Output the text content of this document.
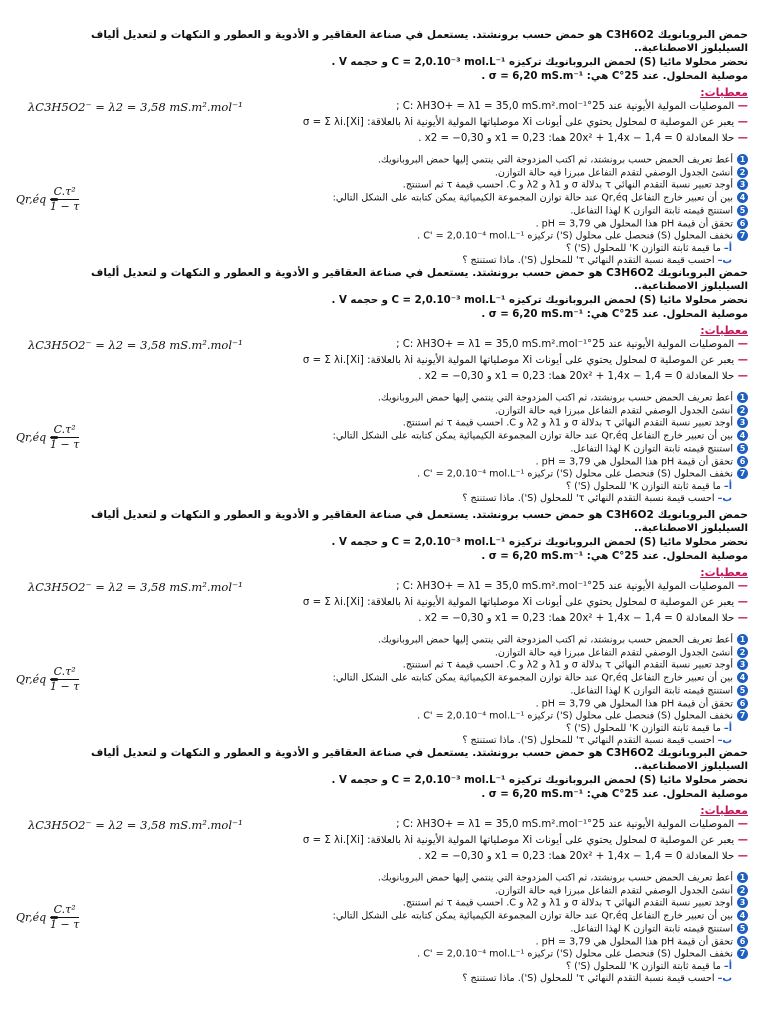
حمض البروبانويك C3H6O2 هو حمض حسب برونشتد. يستعمل في صناعة العقاقير و الأدوية و العطور و النكهات و لتعديل ألياف
السيليلوز الاصطناعية..
نحضر محلولا مائيا (S) لحمض البروبانويك تركيزه C = 2,0.10⁻³ mol.L⁻¹ و حجمه V .
موصلية المحلول. عند 25°C هي: σ = 6,20 mS.m⁻¹ .
معطيات:
— الموصليات المولية الأيونية عند 25°C: λH3O+ = λ1 = 35,0 mS.m².mol⁻¹ ;
λC3H5O2⁻ = λ2 = 3,58 mS.m².mol⁻¹
— يعبر عن الموصلية σ لمحلول يحتوي على أيونات Xi موصلياتها المولية الأيونية λi بالعلاقة: σ = Σ λi.[Xi]
— حلا المعادلة 20x² + 1,4x − 1,4 = 0 هما: x1 = 0,23 و x2 = −0,30 .
1أعط تعريف الحمض حسب برونشتد، ثم اكتب المزدوجة التي ينتمي إليها حمض البروبانويك.
2أنشئ الجدول الوصفي لتقدم التفاعل مبرزا فيه حالة التوازن.
3أوجد تعبير نسبة التقدم النهائي τ بدلالة σ و λ1 و λ2 و C. احسب قيمة τ ثم استنتج.
4بين أن تعبير خارج التفاعل Qr,éq عند حالة توازن المجموعة الكيميائية يمكن كتابته على الشكل التالي:
Qr,éq =
C.τ²
1 − τ	5استنتج قيمته ثابتة التوازن K لهذا التفاعل.
6تحقق أن قيمة pH هذا المحلول هي pH = 3,79 .
7نخفف المحلول (S) فنحصل على محلول (S') تركيزه C' = 2,0.10⁻⁴ mol.L⁻¹ .
أ– ما قيمة ثابتة التوازن K' للمحلول (S') ؟
ب– احسب قيمة نسبة التقدم النهائي τ' للمحلول (S'). ماذا تستنتج ؟
حمض البروبانويك C3H6O2 هو حمض حسب برونشتد. يستعمل في صناعة العقاقير و الأدوية و العطور و النكهات و لتعديل ألياف
السيليلوز الاصطناعية..
نحضر محلولا مائيا (S) لحمض البروبانويك تركيزه C = 2,0.10⁻³ mol.L⁻¹ و حجمه V .
موصلية المحلول. عند 25°C هي: σ = 6,20 mS.m⁻¹ .
معطيات:
— الموصليات المولية الأيونية عند 25°C: λH3O+ = λ1 = 35,0 mS.m².mol⁻¹ ;
λC3H5O2⁻ = λ2 = 3,58 mS.m².mol⁻¹
— يعبر عن الموصلية σ لمحلول يحتوي على أيونات Xi موصلياتها المولية الأيونية λi بالعلاقة: σ = Σ λi.[Xi]
— حلا المعادلة 20x² + 1,4x − 1,4 = 0 هما: x1 = 0,23 و x2 = −0,30 .
1أعط تعريف الحمض حسب برونشتد، ثم اكتب المزدوجة التي ينتمي إليها حمض البروبانويك.
2أنشئ الجدول الوصفي لتقدم التفاعل مبرزا فيه حالة التوازن.
3أوجد تعبير نسبة التقدم النهائي τ بدلالة σ و λ1 و λ2 و C. احسب قيمة τ ثم استنتج.
4بين أن تعبير خارج التفاعل Qr,éq عند حالة توازن المجموعة الكيميائية يمكن كتابته على الشكل التالي:
Qr,éq =
C.τ²
1 − τ	5استنتج قيمته ثابتة التوازن K لهذا التفاعل.
6تحقق أن قيمة pH هذا المحلول هي pH = 3,79 .
7نخفف المحلول (S) فنحصل على محلول (S') تركيزه C' = 2,0.10⁻⁴ mol.L⁻¹ .
أ– ما قيمة ثابتة التوازن K' للمحلول (S') ؟
ب– احسب قيمة نسبة التقدم النهائي τ' للمحلول (S'). ماذا تستنتج ؟
حمض البروبانويك C3H6O2 هو حمض حسب برونشتد. يستعمل في صناعة العقاقير و الأدوية و العطور و النكهات و لتعديل ألياف
السيليلوز الاصطناعية..
نحضر محلولا مائيا (S) لحمض البروبانويك تركيزه C = 2,0.10⁻³ mol.L⁻¹ و حجمه V .
موصلية المحلول. عند 25°C هي: σ = 6,20 mS.m⁻¹ .
معطيات:
— الموصليات المولية الأيونية عند 25°C: λH3O+ = λ1 = 35,0 mS.m².mol⁻¹ ;
λC3H5O2⁻ = λ2 = 3,58 mS.m².mol⁻¹
— يعبر عن الموصلية σ لمحلول يحتوي على أيونات Xi موصلياتها المولية الأيونية λi بالعلاقة: σ = Σ λi.[Xi]
— حلا المعادلة 20x² + 1,4x − 1,4 = 0 هما: x1 = 0,23 و x2 = −0,30 .
1أعط تعريف الحمض حسب برونشتد، ثم اكتب المزدوجة التي ينتمي إليها حمض البروبانويك.
2أنشئ الجدول الوصفي لتقدم التفاعل مبرزا فيه حالة التوازن.
3أوجد تعبير نسبة التقدم النهائي τ بدلالة σ و λ1 و λ2 و C. احسب قيمة τ ثم استنتج.
4بين أن تعبير خارج التفاعل Qr,éq عند حالة توازن المجموعة الكيميائية يمكن كتابته على الشكل التالي:
Qr,éq =
C.τ²
1 − τ	5استنتج قيمته ثابتة التوازن K لهذا التفاعل.
6تحقق أن قيمة pH هذا المحلول هي pH = 3,79 .
7نخفف المحلول (S) فنحصل على محلول (S') تركيزه C' = 2,0.10⁻⁴ mol.L⁻¹ .
أ– ما قيمة ثابتة التوازن K' للمحلول (S') ؟
ب– احسب قيمة نسبة التقدم النهائي τ' للمحلول (S'). ماذا تستنتج ؟
حمض البروبانويك C3H6O2 هو حمض حسب برونشتد. يستعمل في صناعة العقاقير و الأدوية و العطور و النكهات و لتعديل ألياف
السيليلوز الاصطناعية..
نحضر محلولا مائيا (S) لحمض البروبانويك تركيزه C = 2,0.10⁻³ mol.L⁻¹ و حجمه V .
موصلية المحلول. عند 25°C هي: σ = 6,20 mS.m⁻¹ .
معطيات:
— الموصليات المولية الأيونية عند 25°C: λH3O+ = λ1 = 35,0 mS.m².mol⁻¹ ;
λC3H5O2⁻ = λ2 = 3,58 mS.m².mol⁻¹
— يعبر عن الموصلية σ لمحلول يحتوي على أيونات Xi موصلياتها المولية الأيونية λi بالعلاقة: σ = Σ λi.[Xi]
— حلا المعادلة 20x² + 1,4x − 1,4 = 0 هما: x1 = 0,23 و x2 = −0,30 .
1أعط تعريف الحمض حسب برونشتد، ثم اكتب المزدوجة التي ينتمي إليها حمض البروبانويك.
2أنشئ الجدول الوصفي لتقدم التفاعل مبرزا فيه حالة التوازن.
3أوجد تعبير نسبة التقدم النهائي τ بدلالة σ و λ1 و λ2 و C. احسب قيمة τ ثم استنتج.
4بين أن تعبير خارج التفاعل Qr,éq عند حالة توازن المجموعة الكيميائية يمكن كتابته على الشكل التالي:
Qr,éq =
C.τ²
1 − τ	5استنتج قيمته ثابتة التوازن K لهذا التفاعل.
6تحقق أن قيمة pH هذا المحلول هي pH = 3,79 .
7نخفف المحلول (S) فنحصل على محلول (S') تركيزه C' = 2,0.10⁻⁴ mol.L⁻¹ .
أ– ما قيمة ثابتة التوازن K' للمحلول (S') ؟
ب– احسب قيمة نسبة التقدم النهائي τ' للمحلول (S'). ماذا تستنتج ؟
